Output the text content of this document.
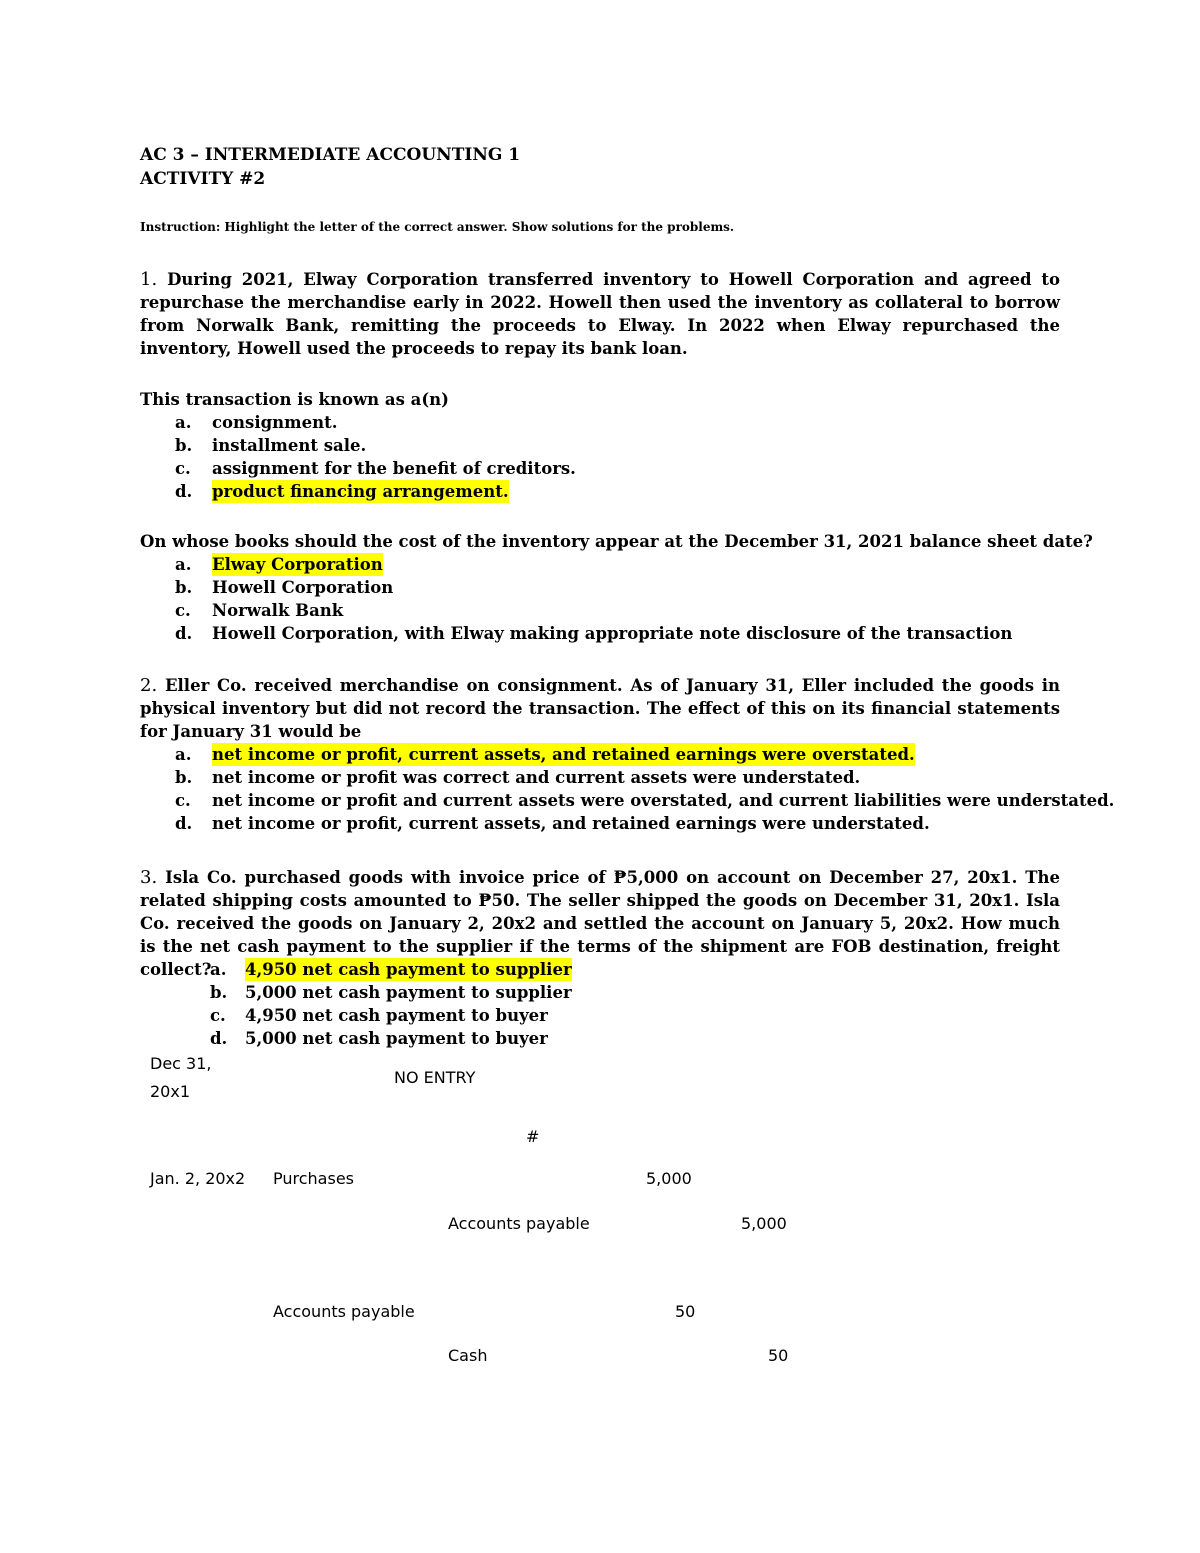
AC 3 – INTERMEDIATE ACCOUNTING 1
ACTIVITY #2
Instruction: Highlight the letter of the correct answer. Show solutions for the problems.
1. During 2021, Elway Corporation transferred inventory to Howell Corporation and agreed to repurchase the merchandise early in 2022. Howell then used the inventory as collateral to borrow from Norwalk Bank, remitting the proceeds to Elway. In 2022 when Elway repurchased the inventory, Howell used the proceeds to repay its bank loan.
This transaction is known as a(n)
a. consignment.
b. installment sale.
c. assignment for the benefit of creditors.
d. product financing arrangement.
On whose books should the cost of the inventory appear at the December 31, 2021 balance sheet date?
a. Elway Corporation
b. Howell Corporation
c. Norwalk Bank
d. Howell Corporation, with Elway making appropriate note disclosure of the transaction
2. Eller Co. received merchandise on consignment. As of January 31, Eller included the goods in physical inventory but did not record the transaction. The effect of this on its financial statements for January 31 would be
a. net income or profit, current assets, and retained earnings were overstated.
b. net income or profit was correct and current assets were understated.
c. net income or profit and current assets were overstated, and current liabilities were understated.
d. net income or profit, current assets, and retained earnings were understated.
3. Isla Co. purchased goods with invoice price of ₱5,000 on account on December 27, 20x1. The related shipping costs amounted to ₱50. The seller shipped the goods on December 31, 20x1. Isla Co. received the goods on January 2, 20x2 and settled the account on January 5, 20x2. How much is the net cash payment to the supplier if the terms of the shipment are FOB destination, freight collect?
a. 4,950 net cash payment to supplier
b. 5,000 net cash payment to supplier
c. 4,950 net cash payment to buyer
d. 5,000 net cash payment to buyer
Dec 31,
20x1
NO ENTRY
#
Jan. 2, 20x2 Purchases	5,000
Accounts payable	5,000
Accounts payable	50
Cash	50
